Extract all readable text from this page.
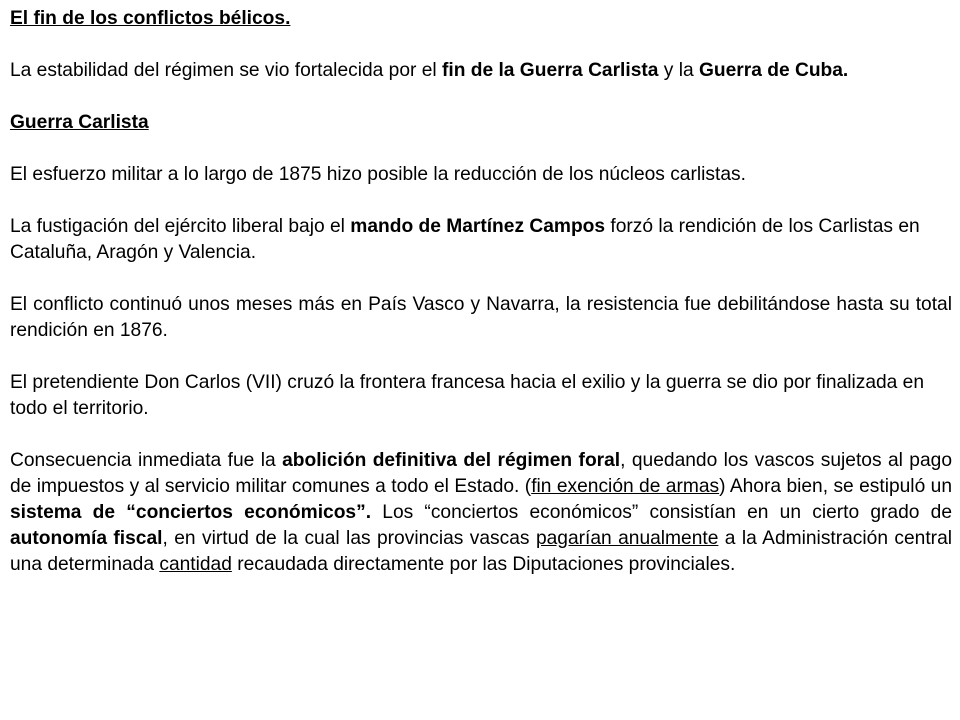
El fin de los conflictos bélicos.

La estabilidad del régimen se vio fortalecida por el fin de la Guerra Carlista y la Guerra de Cuba.

Guerra Carlista

El esfuerzo militar a lo largo de 1875 hizo posible la reducción de los núcleos carlistas.

La fustigación del ejército liberal bajo el mando de Martínez Campos forzó la rendición de los Carlistas en Cataluña, Aragón y Valencia.

El conflicto continuó unos meses más en País Vasco y Navarra, la resistencia fue debilitándose hasta su total rendición en 1876.

El pretendiente Don Carlos (VII) cruzó la frontera francesa hacia el exilio y la guerra se dio por finalizada en todo el territorio.

Consecuencia inmediata fue la abolición definitiva del régimen foral, quedando los vascos sujetos al pago de impuestos y al servicio militar comunes a todo el Estado. (fin exención de armas) Ahora bien, se estipuló un sistema de “conciertos económicos”. Los “conciertos económicos” consistían en un cierto grado de autonomía fiscal, en virtud de la cual las provincias vascas pagarían anualmente a la Administración central una determinada cantidad recaudada directamente por las Diputaciones provinciales.
